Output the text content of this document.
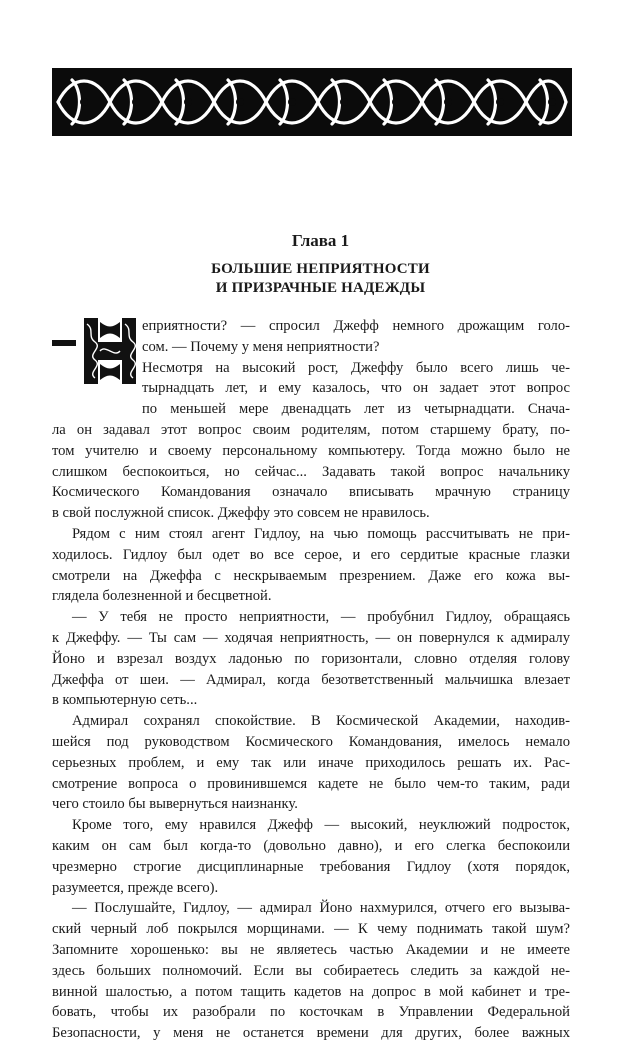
Глава 1
БОЛЬШИЕ НЕПРИЯТНОСТИ
И ПРИЗРАЧНЫЕ НАДЕЖДЫ
еприятности? — спросил Джефф немного дрожащим голо-
сом. — Почему у меня неприятности?
Несмотря на высокий рост, Джеффу было всего лишь че-
тырнадцать лет, и ему казалось, что он задает этот вопрос
по меньшей мере двенадцать лет из четырнадцати. Снача-
ла он задавал этот вопрос своим родителям, потом старшему брату, по-
том учителю и своему персональному компьютеру. Тогда можно было не
слишком беспокоиться, но сейчас... Задавать такой вопрос начальнику
Космического Командования означало вписывать мрачную страницу
в свой послужной список. Джеффу это совсем не нравилось.
Рядом с ним стоял агент Гидлоу, на чью помощь рассчитывать не при-
ходилось. Гидлоу был одет во все серое, и его сердитые красные глазки
смотрели на Джеффа с нескрываемым презрением. Даже его кожа вы-
глядела болезненной и бесцветной.
— У тебя не просто неприятности, — пробубнил Гидлоу, обращаясь
к Джеффу. — Ты сам — ходячая неприятность, — он повернулся к адмиралу
Йоно и взрезал воздух ладонью по горизонтали, словно отделяя голову
Джеффа от шеи. — Адмирал, когда безответственный мальчишка влезает
в компьютерную сеть...
Адмирал сохранял спокойствие. В Космической Академии, находив-
шейся под руководством Космического Командования, имелось немало
серьезных проблем, и ему так или иначе приходилось решать их. Рас-
смотрение вопроса о провинившемся кадете не было чем-то таким, ради
чего стоило бы вывернуться наизнанку.
Кроме того, ему нравился Джефф — высокий, неуклюжий подросток,
каким он сам был когда-то (довольно давно), и его слегка беспокоили
чрезмерно строгие дисциплинарные требования Гидлоу (хотя порядок,
разумеется, прежде всего).
— Послушайте, Гидлоу, — адмирал Йоно нахмурился, отчего его вызыва-
ский черный лоб покрылся морщинами. — К чему поднимать такой шум?
Запомните хорошенько: вы не являетесь частью Академии и не имеете
здесь больших полномочий. Если вы собираетесь следить за каждой не-
винной шалостью, а потом тащить кадетов на допрос в мой кабинет и тре-
бовать, чтобы их разобрали по косточкам в Управлении Федеральной
Безопасности, у меня не останется времени для других, более важных
